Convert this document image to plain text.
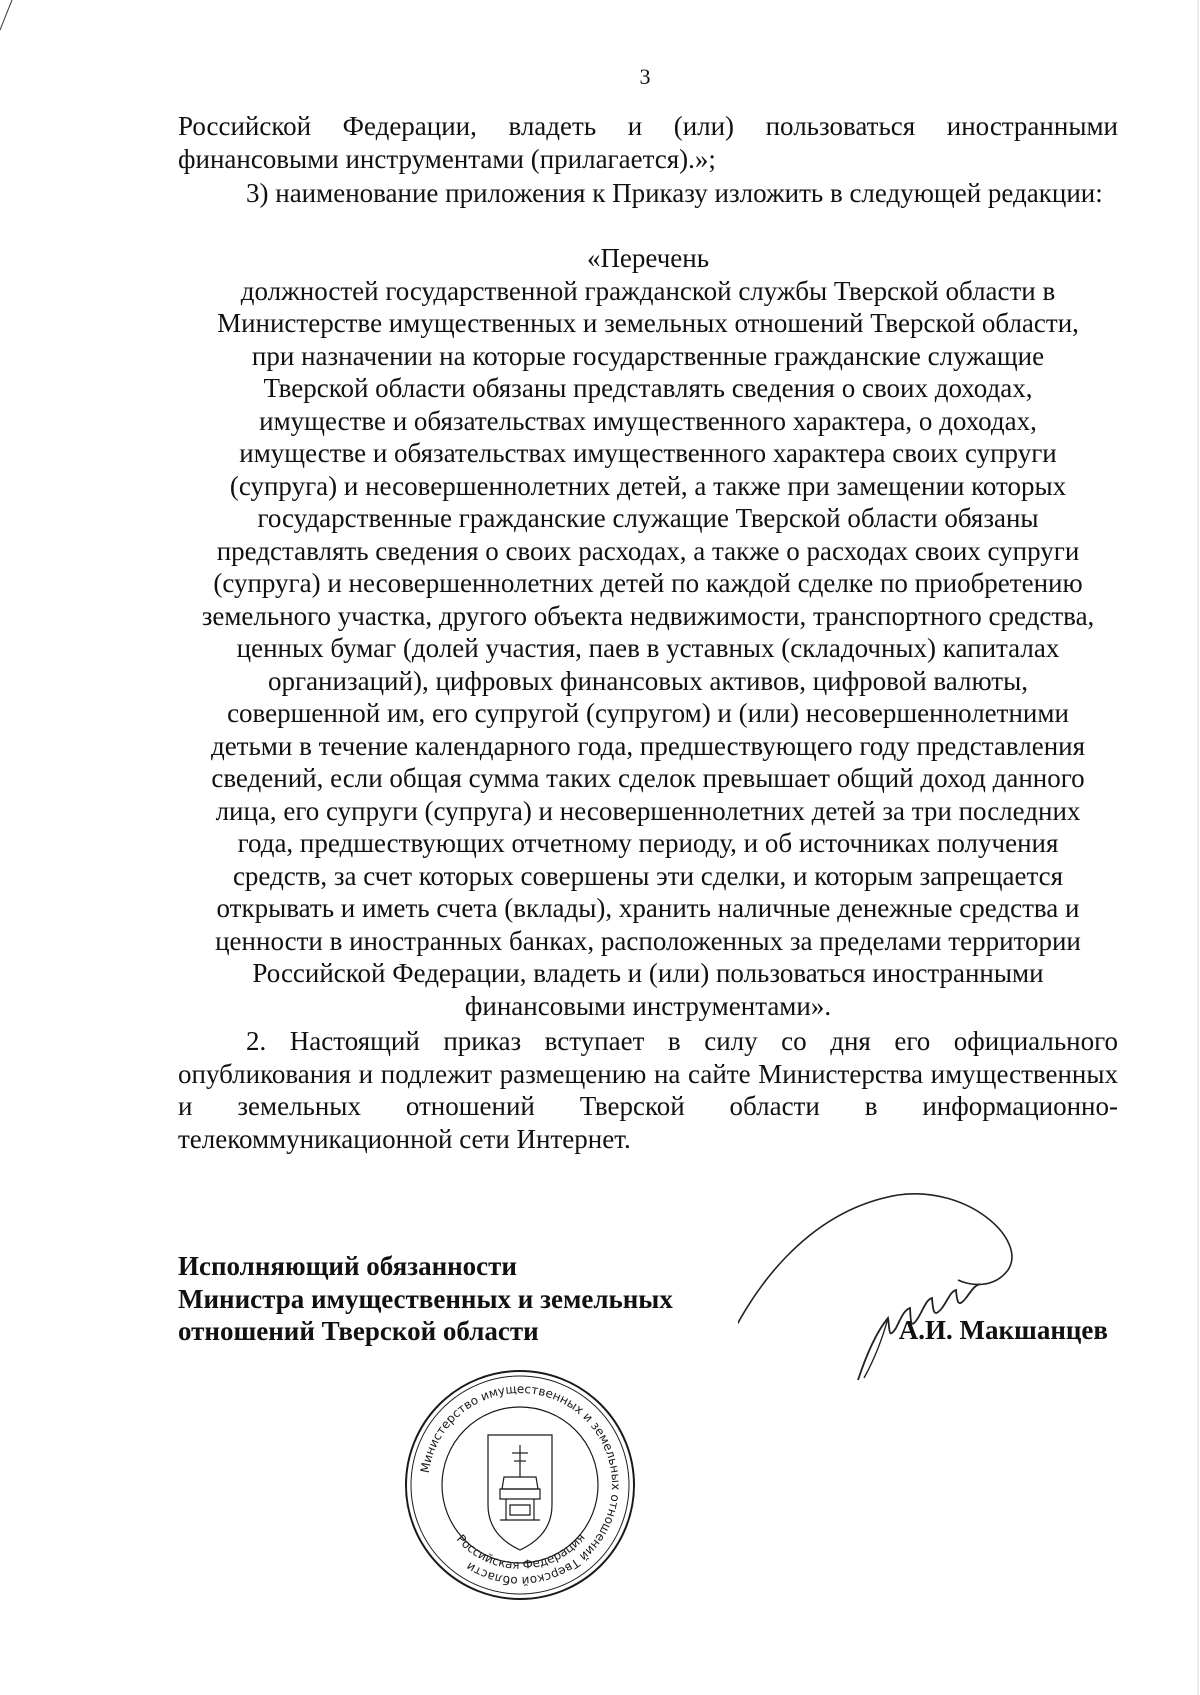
3

Российской Федерации, владеть и (или) пользоваться иностранными финансовыми инструментами (прилагается).»;

3) наименование приложения к Приказу изложить в следующей редакции:

«Перечень

должностей государственной гражданской службы Тверской области в
Министерстве имущественных и земельных отношений Тверской области,
при назначении на которые государственные гражданские служащие
Тверской области обязаны представлять сведения о своих доходах,
имуществе и обязательствах имущественного характера, о доходах,
имуществе и обязательствах имущественного характера своих супруги
(супруга) и несовершеннолетних детей, а также при замещении которых
государственные гражданские служащие Тверской области обязаны
представлять сведения о своих расходах, а также о расходах своих супруги
(супруга) и несовершеннолетних детей по каждой сделке по приобретению
земельного участка, другого объекта недвижимости, транспортного средства,
ценных бумаг (долей участия, паев в уставных (складочных) капиталах
организаций), цифровых финансовых активов, цифровой валюты,
совершенной им, его супругой (супругом) и (или) несовершеннолетними
детьми в течение календарного года, предшествующего году представления
сведений, если общая сумма таких сделок превышает общий доход данного
лица, его супруги (супруга) и несовершеннолетних детей за три последних
года, предшествующих отчетному периоду, и об источниках получения
средств, за счет которых совершены эти сделки, и которым запрещается
открывать и иметь счета (вклады), хранить наличные денежные средства и
ценности в иностранных банках, расположенных за пределами территории
Российской Федерации, владеть и (или) пользоваться иностранными
финансовыми инструментами».

2. Настоящий приказ вступает в силу со дня его официального опубликования и подлежит размещению на сайте Министерства имущественных и земельных отношений Тверской области в информационно-телекоммуникационной сети Интернет.

Исполняющий обязанности
Министра имущественных и земельных
отношений Тверской области	А.И. Макшанцев
Министерство имущественных и земельных отношений Тверской области
Российская Федерация
